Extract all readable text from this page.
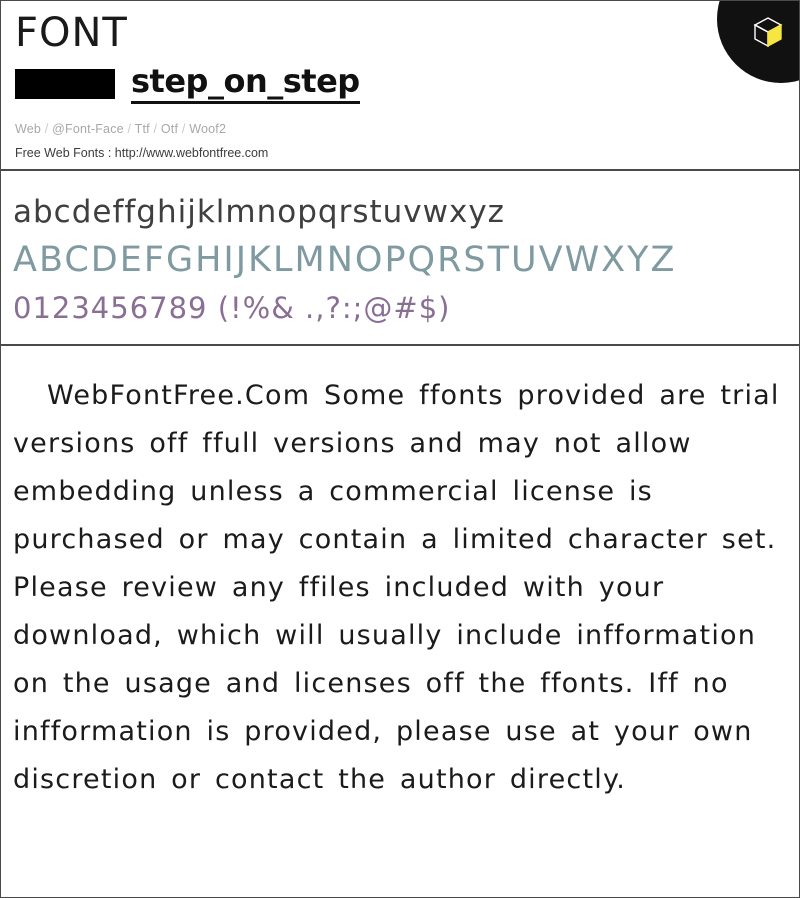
FONT
step_on_step
Web / @Font-Face / Ttf / Otf / Woof2
Free Web Fonts : http://www.webfontfree.com
abcdeffghijklmnopqrstuvwxyz
ABCDEFGHIJKLMNOPQRSTUVWXYZ
0123456789 (!%& .,?:;@#$)

WebFontFree.Com Some ffonts provided are trial versions off ffull versions and may not allow embedding unless a commercial license is purchased or may contain a limited character set. Please review any ffiles included with your download, which will usually include infformation on the usage and licenses off the ffonts. Iff no infformation is provided, please use at your own discretion or contact the author directly.
